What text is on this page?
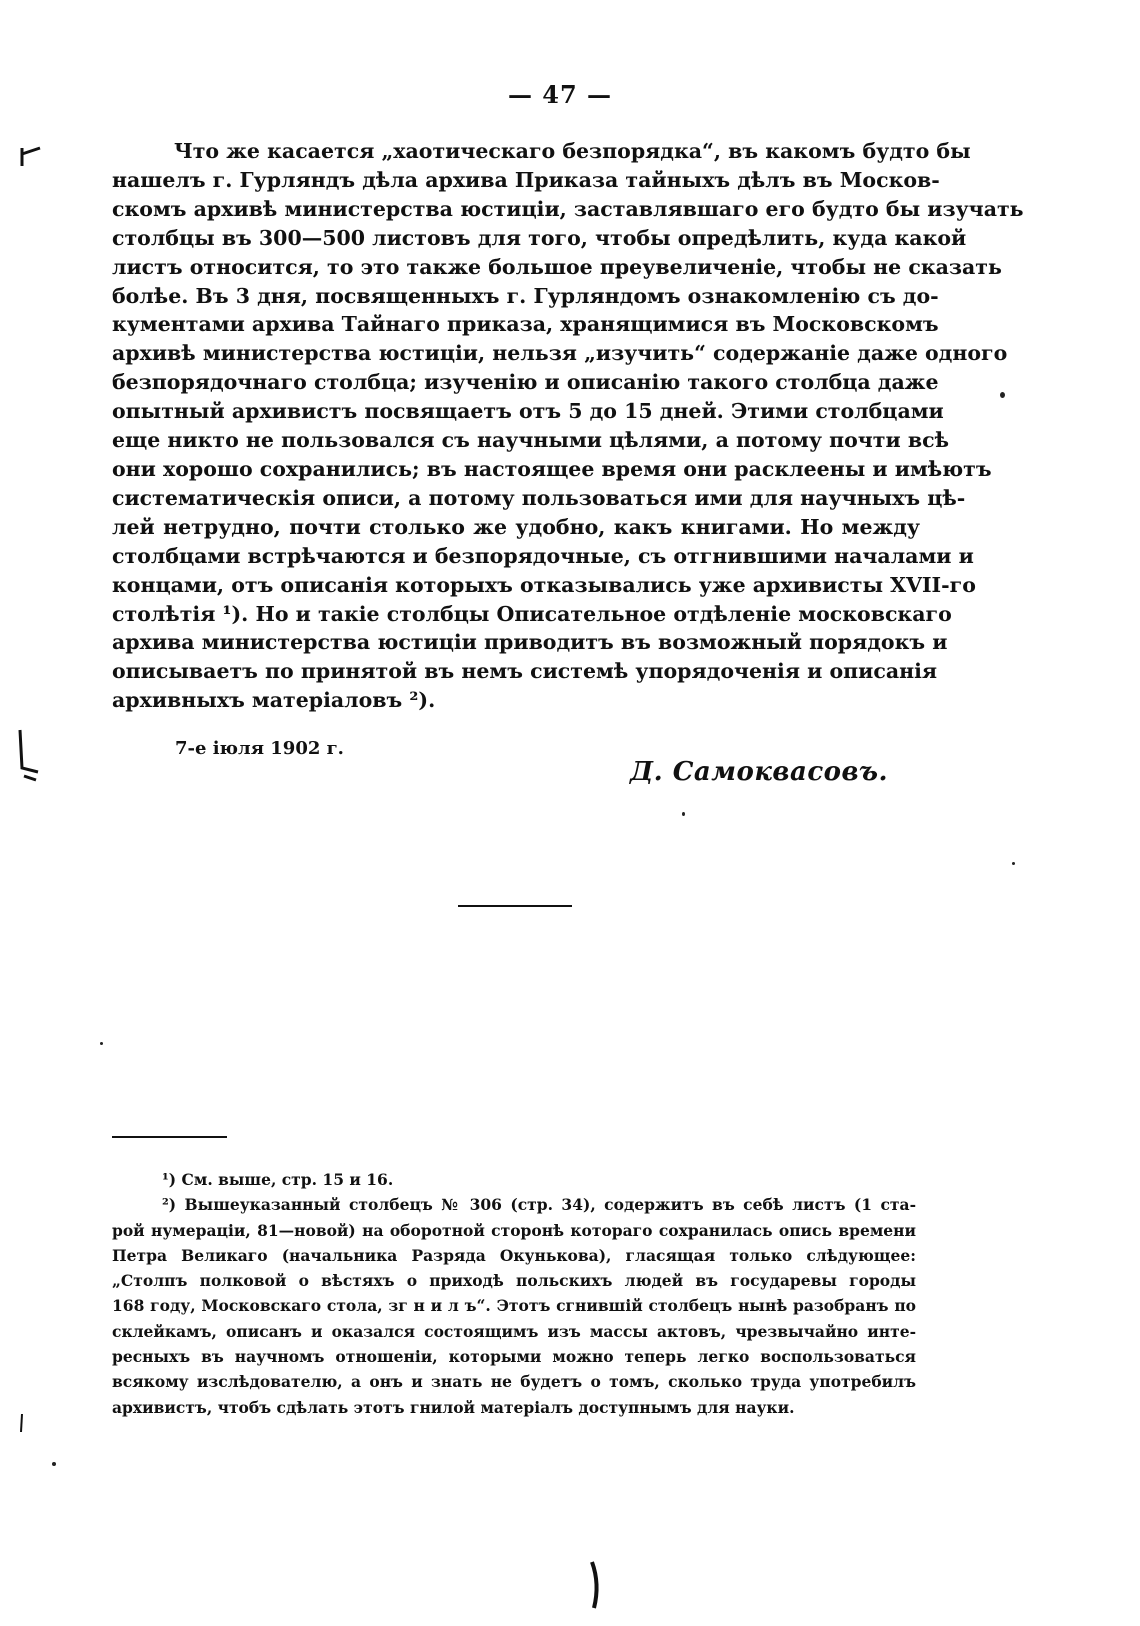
— 47 —
Что же касается „хаотическаго безпорядка“, въ какомъ будто бы
нашелъ г. Гурляндъ дѣла архива Приказа тайныхъ дѣлъ въ Москов-
скомъ архивѣ министерства юстиціи, заставлявшаго его будто бы изучать
столбцы въ 300—500 листовъ для того, чтобы опредѣлить, куда какой
листъ относится, то это также большое преувеличеніе, чтобы не сказать
болѣе. Въ 3 дня, посвященныхъ г. Гурляндомъ ознакомленію съ до-
кументами архива Тайнаго приказа, хранящимися въ Московскомъ
архивѣ министерства юстиціи, нельзя „изучить“ содержаніе даже одного
безпорядочнаго столбца; изученію и описанію такого столбца даже
опытный архивистъ посвящаетъ отъ 5 до 15 дней. Этими столбцами
еще никто не пользовался съ научными цѣлями, а потому почти всѣ
они хорошо сохранились; въ настоящее время они расклеены и имѣютъ
систематическія описи, а потому пользоваться ими для научныхъ цѣ-
лей нетрудно, почти столько же удобно, какъ книгами. Но между
столбцами встрѣчаются и безпорядочные, съ отгнившими началами и
концами, отъ описанія которыхъ отказывались уже архивисты XVII-го
столѣтія ¹). Но и такіе столбцы Описательное отдѣленіе московскаго
архива министерства юстиціи приводитъ въ возможный порядокъ и
описываетъ по принятой въ немъ системѣ упорядоченія и описанія
архивныхъ матеріаловъ ²).
7-е іюля 1902 г.
Д. Самоквасовъ.
¹) См. выше, стр. 15 и 16.
²) Вышеуказанный столбецъ № 306 (стр. 34), содержитъ въ себѣ листъ (1 ста-
рой нумераціи, 81—новой) на оборотной сторонѣ котораго сохранилась опись времени
Петра Великаго (начальника Разряда Окунькова), гласящая только слѣдующее:
„Столпъ полковой о вѣстяхъ о приходѣ польскихъ людей въ государевы городы
168 году, Московскаго стола, зг н и л ъ“. Этотъ сгнившій столбецъ нынѣ разобранъ по
склейкамъ, описанъ и оказался состоящимъ изъ массы актовъ, чрезвычайно инте-
ресныхъ въ научномъ отношеніи, которыми можно теперь легко воспользоваться
всякому изслѣдователю, а онъ и знать не будетъ о томъ, сколько труда употребилъ
архивистъ, чтобъ сдѣлать этотъ гнилой матеріалъ доступнымъ для науки.
